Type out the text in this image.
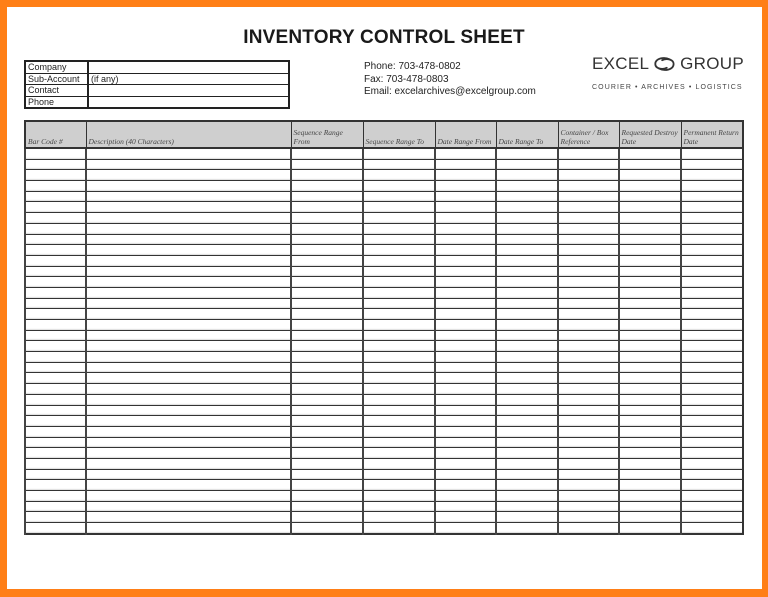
INVENTORY CONTROL SHEET
Company	
Sub-Account	(if any)
Contact	
Phone	
Phone: 703-478-0802
Fax: 703-478-0803
Email: excelarchives@excelgroup.com
EXCEL GROUP
COURIER • ARCHIVES • LOGISTICS
Bar Code #	Description (40 Characters)	Sequence Range From	Sequence Range To	Date Range From	Date Range To	Container / Box Reference	Requested Destroy Date	Permanent Return Date
